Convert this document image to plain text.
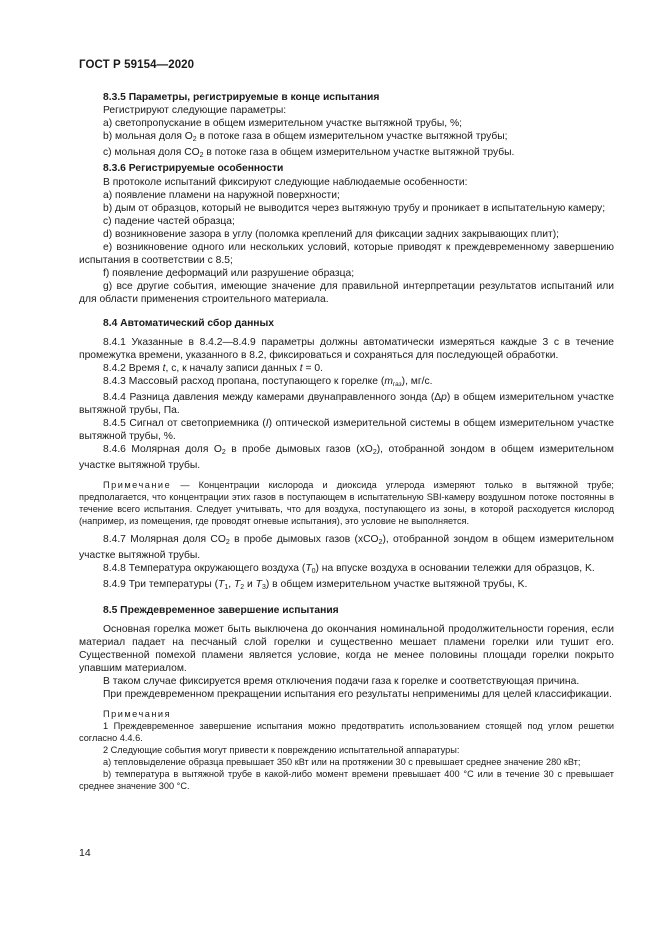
ГОСТ Р 59154—2020

8.3.5 Параметры, регистрируемые в конце испытания

Регистрируют следующие параметры:

a) светопропускание в общем измерительном участке вытяжной трубы, %;

b) мольная доля $O_2$ в потоке газа в общем измерительном участке вытяжной трубы;

c) мольная доля $CO_2$ в потоке газа в общем измерительном участке вытяжной трубы.

8.3.6 Регистрируемые особенности

В протоколе испытаний фиксируют следующие наблюдаемые особенности:

a) появление пламени на наружной поверхности;

b) дым от образцов, который не выводится через вытяжную трубу и проникает в испытательную камеру;

c) падение частей образца;

d) возникновение зазора в углу (поломка креплений для фиксации задних закрывающих плит);

e) возникновение одного или нескольких условий, которые приводят к преждевременному завершению испытания в соответствии с 8.5;

f) появление деформаций или разрушение образца;

g) все другие события, имеющие значение для правильной интерпретации результатов испытаний или для области применения строительного материала.

8.4 Автоматический сбор данных

8.4.1 Указанные в 8.4.2—8.4.9 параметры должны автоматически измеряться каждые 3 с в течение промежутка времени, указанного в 8.2, фиксироваться и сохраняться для последующей обработки.

8.4.2 Время t, с, к началу записи данных t = 0.

8.4.3 Массовый расход пропана, поступающего к горелке (mгаз), мг/с.

8.4.4 Разница давления между камерами двунаправленного зонда (Δp) в общем измерительном участке вытяжной трубы, Па.

8.4.5 Сигнал от светоприемника (I) оптической измерительной системы в общем измерительном участке вытяжной трубы, %.

8.4.6 Молярная доля $O_2$ в пробе дымовых газов $(xO_2)$, отобранной зондом в общем измерительном участке вытяжной трубы.

Примечание — Концентрации кислорода и диоксида углерода измеряют только в вытяжной трубе; предполагается, что концентрации этих газов в поступающем в испытательную SBI-камеру воздушном потоке постоянны в течение всего испытания. Следует учитывать, что для воздуха, поступающего из зоны, в которой расходуется кислород (например, из помещения, где проводят огневые испытания), это условие не выполняется.

8.4.7 Молярная доля $CO_2$ в пробе дымовых газов (xCO$_2$), отобранной зондом в общем измерительном участке вытяжной трубы.

8.4.8 Температура окружающего воздуха $(T_0)$ на впуске воздуха в основании тележки для образцов, K.

8.4.9 Три температуры ($T_1$, $T_2$ и $T_3$) в общем измерительном участке вытяжной трубы, K.

8.5 Преждевременное завершение испытания

Основная горелка может быть выключена до окончания номинальной продолжительности горения, если материал падает на песчаный слой горелки и существенно мешает пламени горелки или тушит его. Существенной помехой пламени является условие, когда не менее половины площади горелки покрыто упавшим материалом.

В таком случае фиксируется время отключения подачи газа к горелке и соответствующая причина.

При преждевременном прекращении испытания его результаты неприменимы для целей классификации.

Примечания

1 Преждевременное завершение испытания можно предотвратить использованием стоящей под углом решетки согласно 4.4.6.

2 Следующие события могут привести к повреждению испытательной аппаратуры:

a) тепловыделение образца превышает 350 кВт или на протяжении 30 с превышает среднее значение 280 кВт;

b) температура в вытяжной трубе в какой-либо момент времени превышает 400 °C или в течение 30 с превышает среднее значение 300 °C.

14
